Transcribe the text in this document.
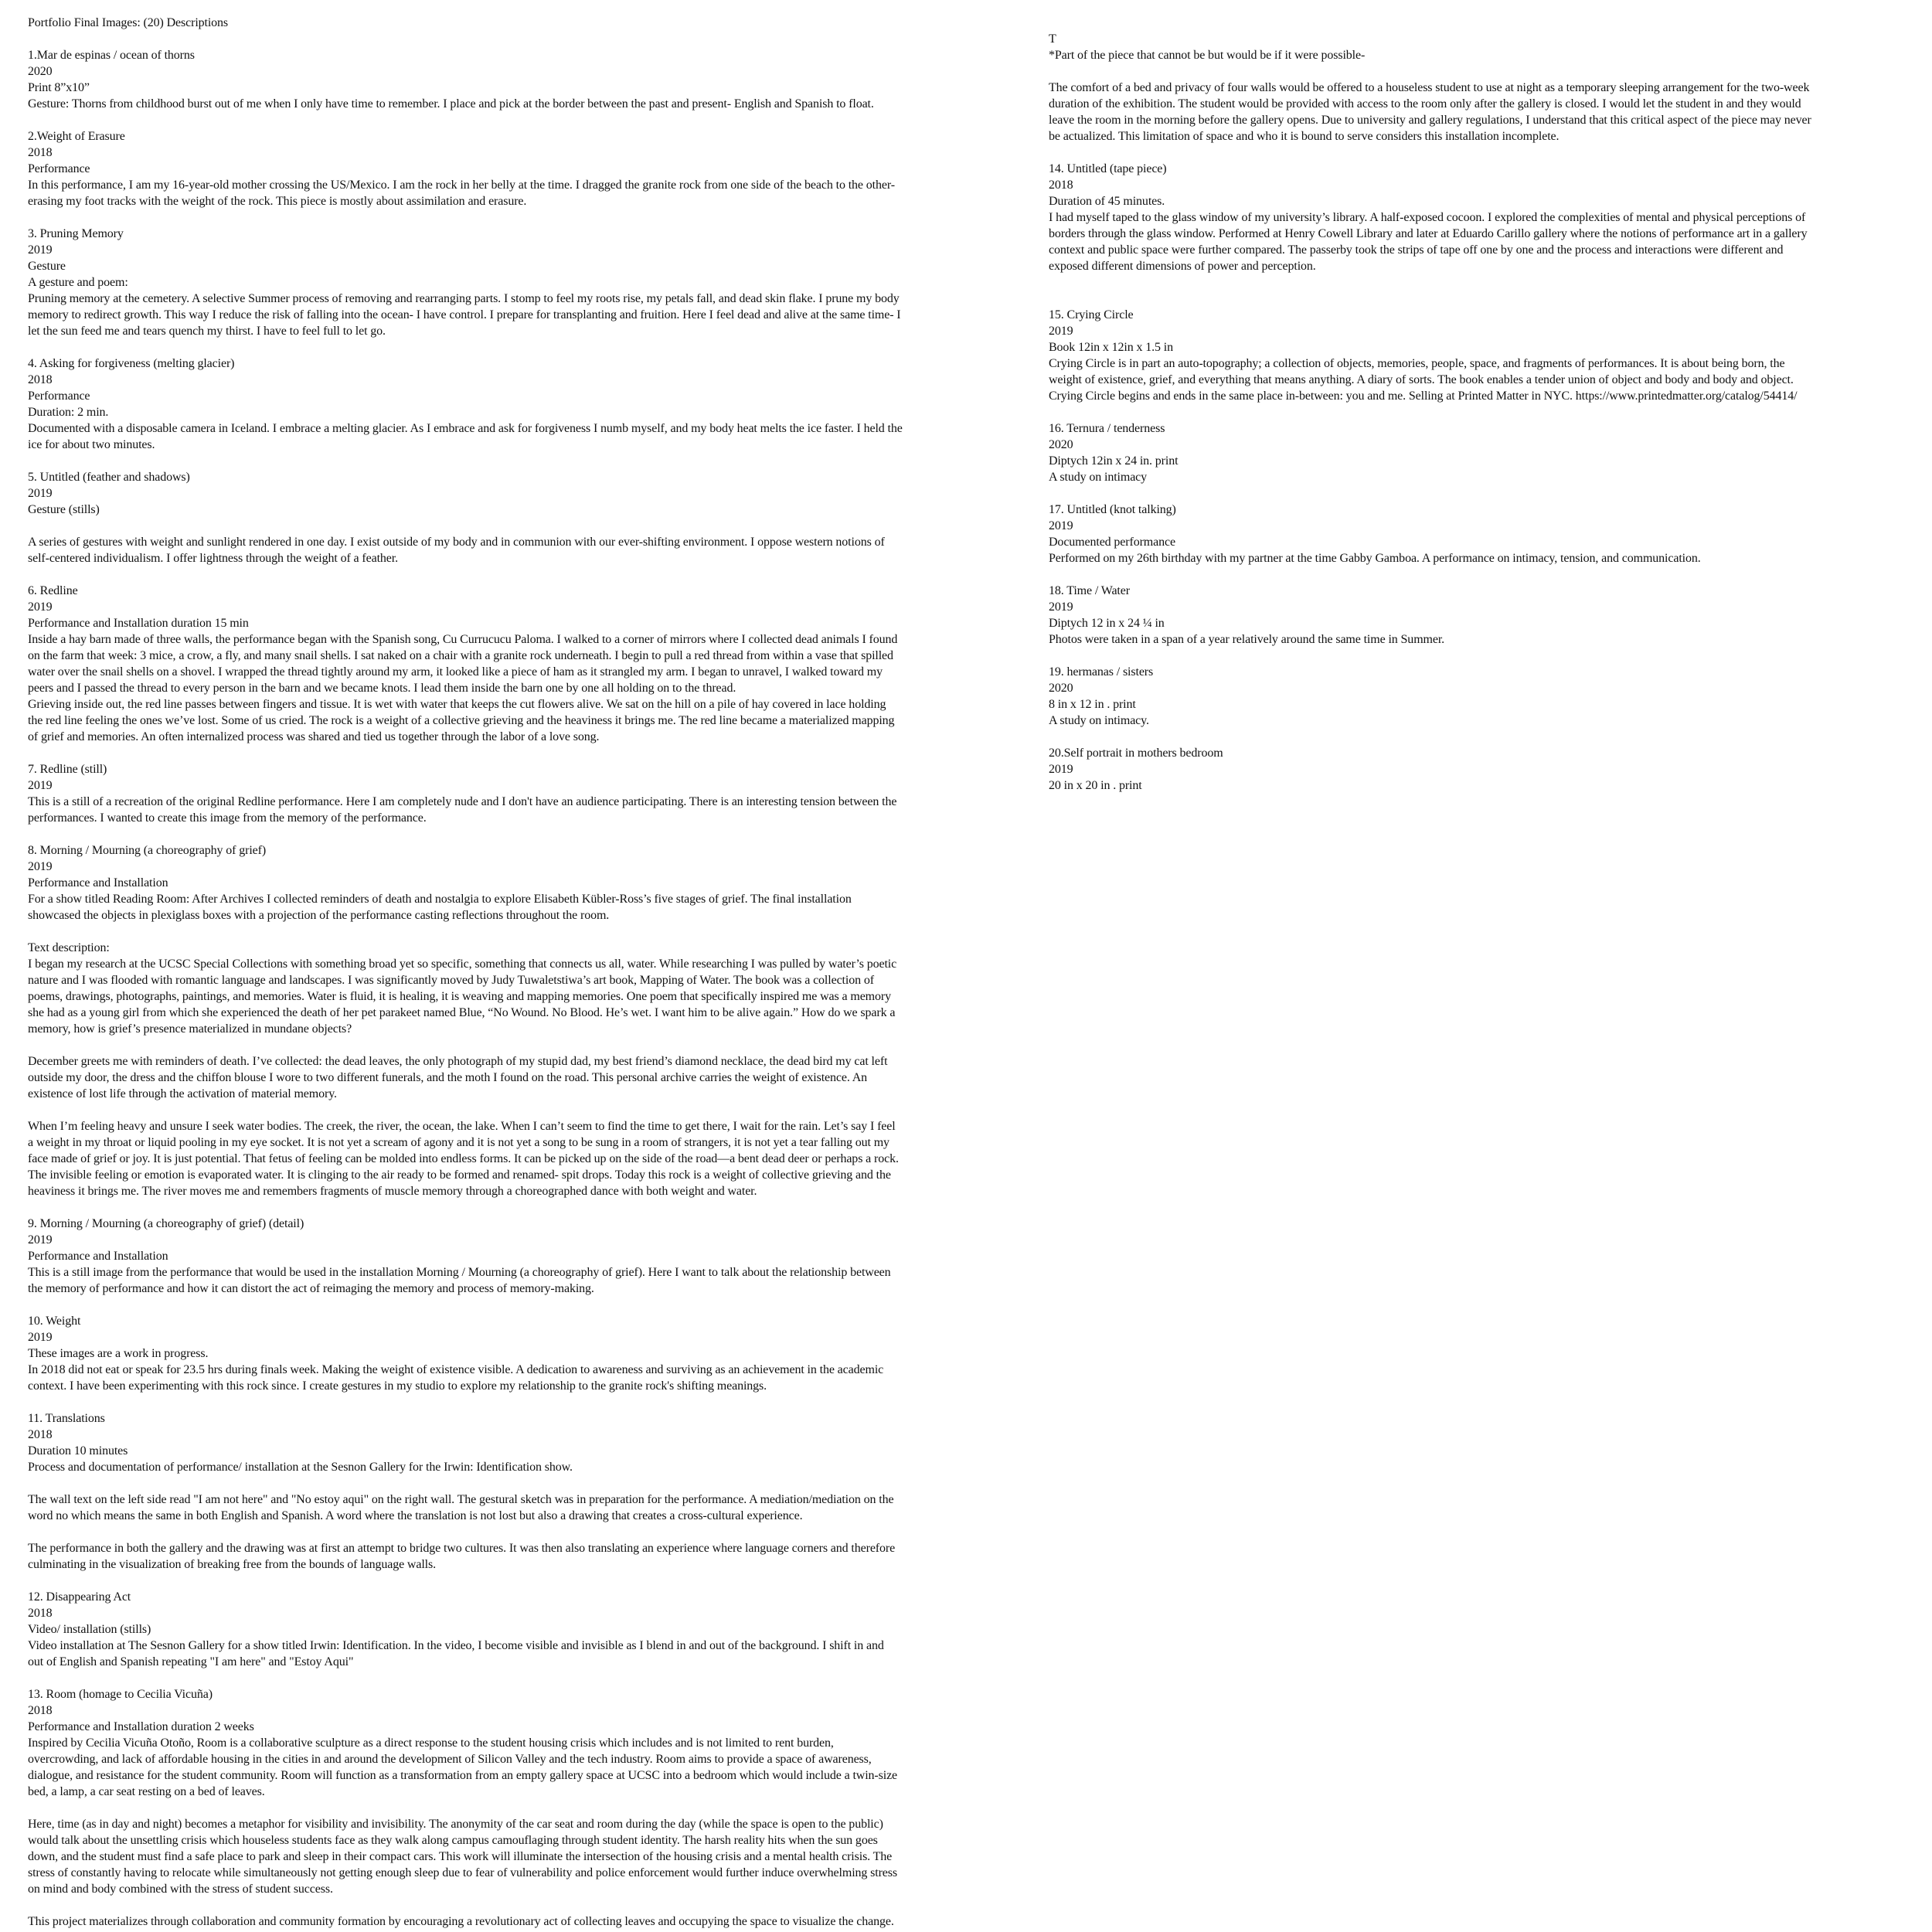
Portfolio Final Images: (20) Descriptions
1.Mar de espinas / ocean of thorns
2020
Print 8”x10”
Gesture: Thorns from childhood burst out of me when I only have time to remember. I place and pick at the border between the past and present- English and Spanish to float.
2.Weight of Erasure
2018
Performance
In this performance, I am my 16-year-old mother crossing the US/Mexico. I am the rock in her belly at the time. I dragged the granite rock from one side of the beach to the other-
erasing my foot tracks with the weight of the rock. This piece is mostly about assimilation and erasure.
3. Pruning Memory
2019
Gesture
A gesture and poem:
Pruning memory at the cemetery. A selective Summer process of removing and rearranging parts. I stomp to feel my roots rise, my petals fall, and dead skin flake. I prune my body
memory to redirect growth. This way I reduce the risk of falling into the ocean- I have control. I prepare for transplanting and fruition. Here I feel dead and alive at the same time- I
let the sun feed me and tears quench my thirst. I have to feel full to let go.
4. Asking for forgiveness (melting glacier)
2018
Performance
Duration: 2 min.
Documented with a disposable camera in Iceland. I embrace a melting glacier. As I embrace and ask for forgiveness I numb myself, and my body heat melts the ice faster. I held the
ice for about two minutes.
5. Untitled (feather and shadows)
2019
Gesture (stills)
A series of gestures with weight and sunlight rendered in one day. I exist outside of my body and in communion with our ever-shifting environment. I oppose western notions of
self-centered individualism. I offer lightness through the weight of a feather.
6. Redline
2019
Performance and Installation duration 15 min
Inside a hay barn made of three walls, the performance began with the Spanish song, Cu Currucucu Paloma. I walked to a corner of mirrors where I collected dead animals I found
on the farm that week: 3 mice, a crow, a fly, and many snail shells. I sat naked on a chair with a granite rock underneath. I begin to pull a red thread from within a vase that spilled
water over the snail shells on a shovel. I wrapped the thread tightly around my arm, it looked like a piece of ham as it strangled my arm. I began to unravel, I walked toward my
peers and I passed the thread to every person in the barn and we became knots. I lead them inside the barn one by one all holding on to the thread.
Grieving inside out, the red line passes between fingers and tissue. It is wet with water that keeps the cut flowers alive. We sat on the hill on a pile of hay covered in lace holding
the red line feeling the ones we’ve lost. Some of us cried. The rock is a weight of a collective grieving and the heaviness it brings me. The red line became a materialized mapping
of grief and memories. An often internalized process was shared and tied us together through the labor of a love song.
7. Redline (still)
2019
This is a still of a recreation of the original Redline performance. Here I am completely nude and I don't have an audience participating. There is an interesting tension between the
performances. I wanted to create this image from the memory of the performance.
8. Morning / Mourning (a choreography of grief)
2019
Performance and Installation
For a show titled Reading Room: After Archives I collected reminders of death and nostalgia to explore Elisabeth Kübler-Ross’s five stages of grief. The final installation
showcased the objects in plexiglass boxes with a projection of the performance casting reflections throughout the room.
Text description:
I began my research at the UCSC Special Collections with something broad yet so specific, something that connects us all, water. While researching I was pulled by water’s poetic
nature and I was flooded with romantic language and landscapes. I was significantly moved by Judy Tuwaletstiwa’s art book, Mapping of Water. The book was a collection of
poems, drawings, photographs, paintings, and memories. Water is fluid, it is healing, it is weaving and mapping memories. One poem that specifically inspired me was a memory
she had as a young girl from which she experienced the death of her pet parakeet named Blue, “No Wound. No Blood. He’s wet. I want him to be alive again.” How do we spark a
memory, how is grief’s presence materialized in mundane objects?
December greets me with reminders of death. I’ve collected: the dead leaves, the only photograph of my stupid dad, my best friend’s diamond necklace, the dead bird my cat left
outside my door, the dress and the chiffon blouse I wore to two different funerals, and the moth I found on the road. This personal archive carries the weight of existence. An
existence of lost life through the activation of material memory.
When I’m feeling heavy and unsure I seek water bodies. The creek, the river, the ocean, the lake. When I can’t seem to find the time to get there, I wait for the rain. Let’s say I feel
a weight in my throat or liquid pooling in my eye socket. It is not yet a scream of agony and it is not yet a song to be sung in a room of strangers, it is not yet a tear falling out my
face made of grief or joy. It is just potential. That fetus of feeling can be molded into endless forms. It can be picked up on the side of the road—a bent dead deer or perhaps a rock.
The invisible feeling or emotion is evaporated water. It is clinging to the air ready to be formed and renamed- spit drops. Today this rock is a weight of collective grieving and the
heaviness it brings me. The river moves me and remembers fragments of muscle memory through a choreographed dance with both weight and water.
9. Morning / Mourning (a choreography of grief) (detail)
2019
Performance and Installation
This is a still image from the performance that would be used in the installation Morning / Mourning (a choreography of grief). Here I want to talk about the relationship between
the memory of performance and how it can distort the act of reimaging the memory and process of memory-making.
10. Weight
2019
These images are a work in progress.
In 2018 did not eat or speak for 23.5 hrs during finals week. Making the weight of existence visible. A dedication to awareness and surviving as an achievement in the academic
context. I have been experimenting with this rock since. I create gestures in my studio to explore my relationship to the granite rock's shifting meanings.
11. Translations
2018
Duration 10 minutes
Process and documentation of performance/ installation at the Sesnon Gallery for the Irwin: Identification show.
The wall text on the left side read "I am not here" and "No estoy aqui" on the right wall. The gestural sketch was in preparation for the performance. A mediation/mediation on the
word no which means the same in both English and Spanish. A word where the translation is not lost but also a drawing that creates a cross-cultural experience.
The performance in both the gallery and the drawing was at first an attempt to bridge two cultures. It was then also translating an experience where language corners and therefore
culminating in the visualization of breaking free from the bounds of language walls.
12. Disappearing Act
2018
Video/ installation (stills)
Video installation at The Sesnon Gallery for a show titled Irwin: Identification. In the video, I become visible and invisible as I blend in and out of the background. I shift in and
out of English and Spanish repeating "I am here" and "Estoy Aqui"
13. Room (homage to Cecilia Vicuña)
2018
Performance and Installation duration 2 weeks
Inspired by Cecilia Vicuña Otoño, Room is a collaborative sculpture as a direct response to the student housing crisis which includes and is not limited to rent burden,
overcrowding, and lack of affordable housing in the cities in and around the development of Silicon Valley and the tech industry. Room aims to provide a space of awareness,
dialogue, and resistance for the student community. Room will function as a transformation from an empty gallery space at UCSC into a bedroom which would include a twin-size
bed, a lamp, a car seat resting on a bed of leaves.
Here, time (as in day and night) becomes a metaphor for visibility and invisibility. The anonymity of the car seat and room during the day (while the space is open to the public)
would talk about the unsettling crisis which houseless students face as they walk along campus camouflaging through student identity. The harsh reality hits when the sun goes
down, and the student must find a safe place to park and sleep in their compact cars. This work will illuminate the intersection of the housing crisis and a mental health crisis. The
stress of constantly having to relocate while simultaneously not getting enough sleep due to fear of vulnerability and police enforcement would further induce overwhelming stress
on mind and body combined with the stress of student success.
This project materializes through collaboration and community formation by encouraging a revolutionary act of collecting leaves and occupying the space to visualize the change.
T
*Part of the piece that cannot be but would be if it were possible-
The comfort of a bed and privacy of four walls would be offered to a houseless student to use at night as a temporary sleeping arrangement for the two-week
duration of the exhibition. The student would be provided with access to the room only after the gallery is closed. I would let the student in and they would
leave the room in the morning before the gallery opens. Due to university and gallery regulations, I understand that this critical aspect of the piece may never
be actualized. This limitation of space and who it is bound to serve considers this installation incomplete.
14. Untitled (tape piece)
2018
Duration of 45 minutes.
I had myself taped to the glass window of my university’s library. A half-exposed cocoon. I explored the complexities of mental and physical perceptions of
borders through the glass window. Performed at Henry Cowell Library and later at Eduardo Carillo gallery where the notions of performance art in a gallery
context and public space were further compared. The passerby took the strips of tape off one by one and the process and interactions were different and
exposed different dimensions of power and perception.
15. Crying Circle
2019
Book 12in x 12in x 1.5 in
Crying Circle is in part an auto-topography; a collection of objects, memories, people, space, and fragments of performances. It is about being born, the
weight of existence, grief, and everything that means anything. A diary of sorts. The book enables a tender union of object and body and body and object.
Crying Circle begins and ends in the same place in-between: you and me. Selling at Printed Matter in NYC. https://www.printedmatter.org/catalog/54414/
16. Ternura / tenderness
2020
Diptych 12in x 24 in. print
A study on intimacy
17. Untitled (knot talking)
2019
Documented performance
Performed on my 26th birthday with my partner at the time Gabby Gamboa. A performance on intimacy, tension, and communication.
18. Time / Water
2019
Diptych 12 in x 24 ¼ in
Photos were taken in a span of a year relatively around the same time in Summer.
19. hermanas / sisters
2020
8 in x 12 in . print
A study on intimacy.
20.Self portrait in mothers bedroom
2019
20 in x 20 in . print
